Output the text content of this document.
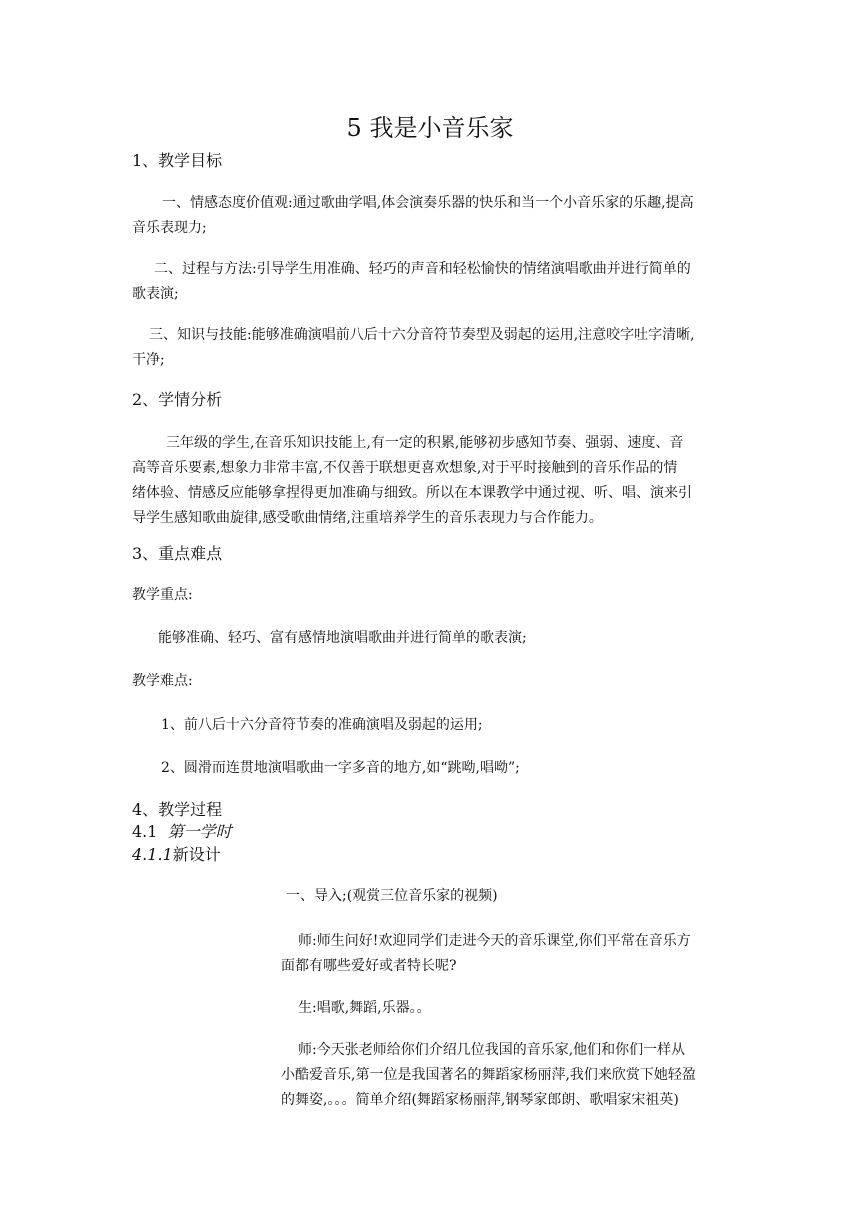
5 我是小音乐家
1、教学目标
一、情感态度价值观:通过歌曲学唱,体会演奏乐器的快乐和当一个小音乐家的乐趣,提高
音乐表现力;
二、过程与方法:引导学生用准确、轻巧的声音和轻松愉快的情绪演唱歌曲并进行简单的
歌表演;
三、知识与技能:能够准确演唱前八后十六分音符节奏型及弱起的运用,注意咬字吐字清晰,
干净;
2、学情分析
三年级的学生,在音乐知识技能上,有一定的积累,能够初步感知节奏、强弱、速度、音
高等音乐要素,想象力非常丰富,不仅善于联想更喜欢想象,对于平时接触到的音乐作品的情
绪体验、情感反应能够拿捏得更加准确与细致。所以在本课教学中通过视、听、唱、演来引
导学生感知歌曲旋律,感受歌曲情绪,注重培养学生的音乐表现力与合作能力。
3、重点难点
教学重点:
能够准确、轻巧、富有感情地演唱歌曲并进行简单的歌表演;
教学难点:
1、前八后十六分音符节奏的准确演唱及弱起的运用;
2、圆滑而连贯地演唱歌曲一字多音的地方,如“跳呦,唱呦”;
4、教学过程
4.1 第一学时
4.1.1新设计
一、导入;(观赏三位音乐家的视频)
师:师生问好!欢迎同学们走进今天的音乐课堂,你们平常在音乐方
面都有哪些爱好或者特长呢?
生:唱歌,舞蹈,乐器。。
师:今天张老师给你们介绍几位我国的音乐家,他们和你们一样从
小酷爱音乐,第一位是我国著名的舞蹈家杨丽萍,我们来欣赏下她轻盈
的舞姿,。。。简单介绍(舞蹈家杨丽萍,钢琴家郎朗、歌唱家宋祖英)
